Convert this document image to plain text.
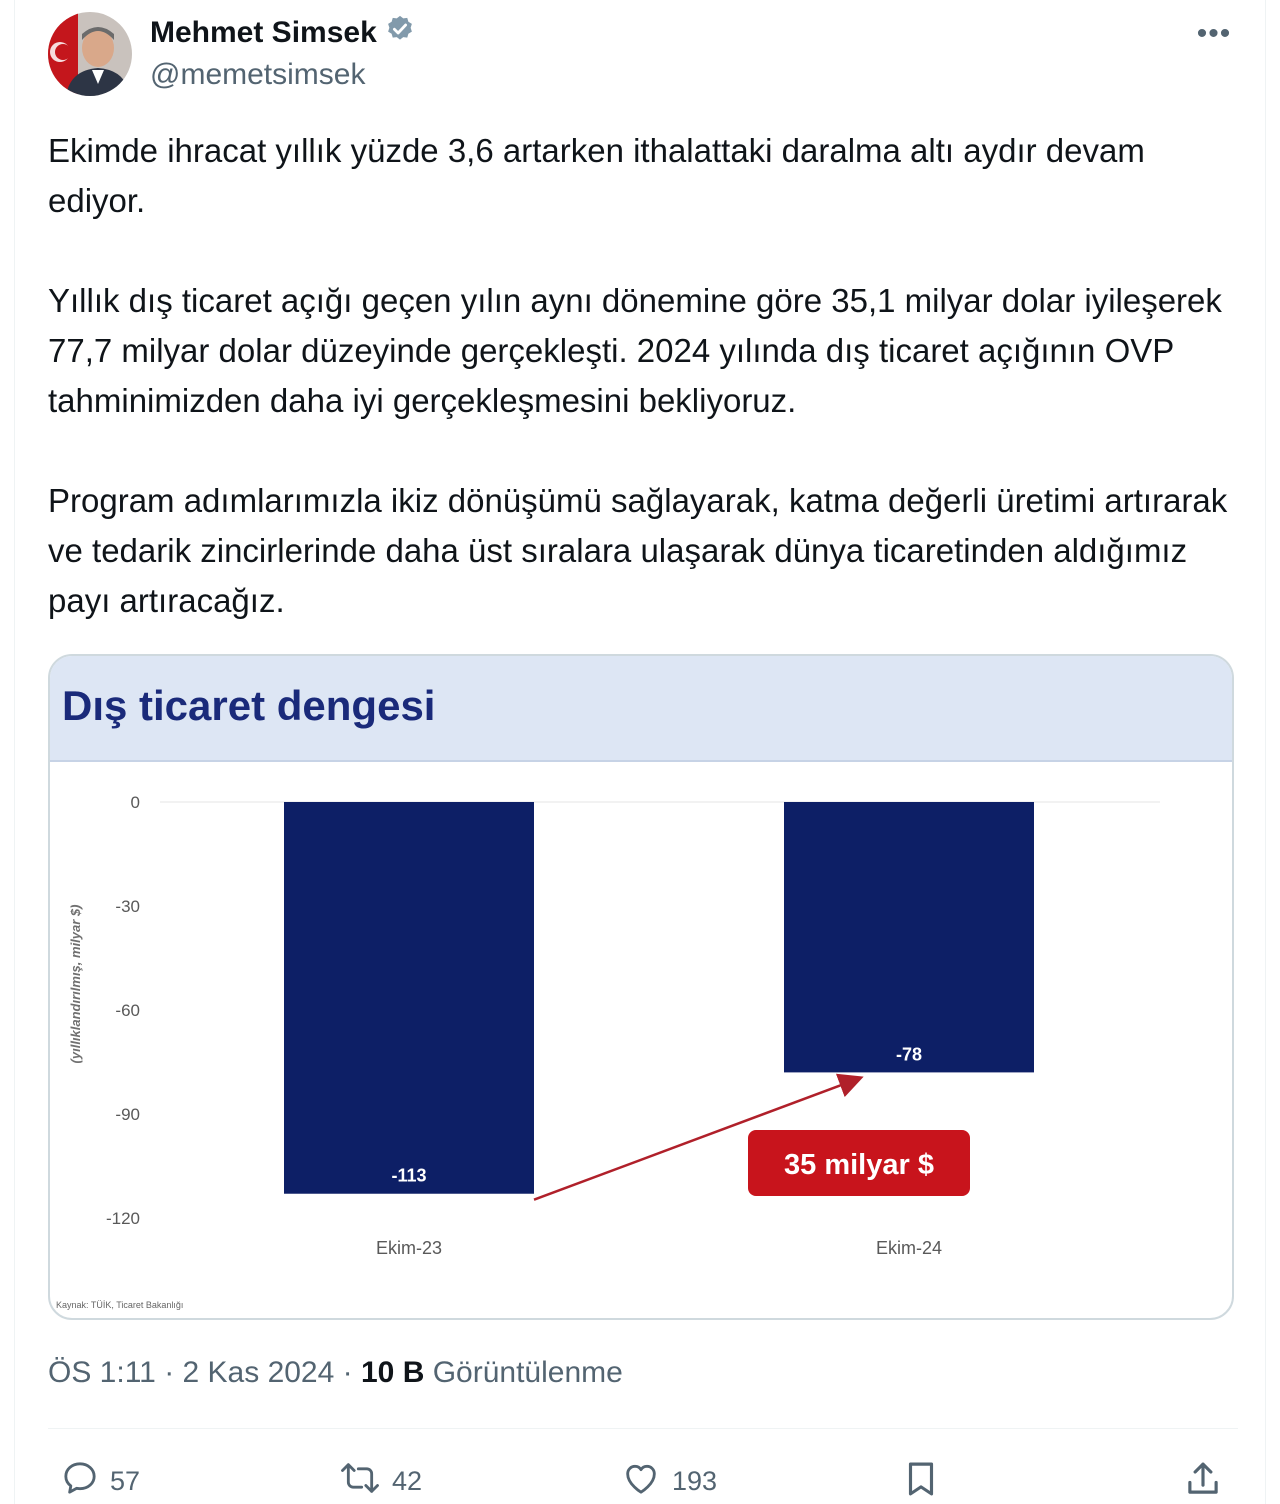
Mehmet Simsek
@memetsimsek
•••

Ekimde ihracat yıllık yüzde 3,6 artarken ithalattaki daralma altı aydır devam ediyor.

Yıllık dış ticaret açığı geçen yılın aynı dönemine göre 35,1 milyar dolar iyileşerek 77,7 milyar dolar düzeyinde gerçekleşti. 2024 yılında dış ticaret açığının OVP tahminimizden daha iyi gerçekleşmesini bekliyoruz.

Program adımlarımızla ikiz dönüşümü sağlayarak, katma değerli üretimi artırarak ve tedarik zincirlerinde daha üst sıralara ulaşarak dünya ticaretinden aldığımız payı artıracağız.

Dış ticaret dengesi
0
-30
-60
-90
-120
-113
-78
Ekim-23	Ekim-24
(yıllıklandırılmış, milyar $)
Kaynak: TÜİK, Ticaret Bakanlığı
35 milyar $
ÖS 1:11 · 2 Kas 2024 · 10 B Görüntülenme
57	42	193
